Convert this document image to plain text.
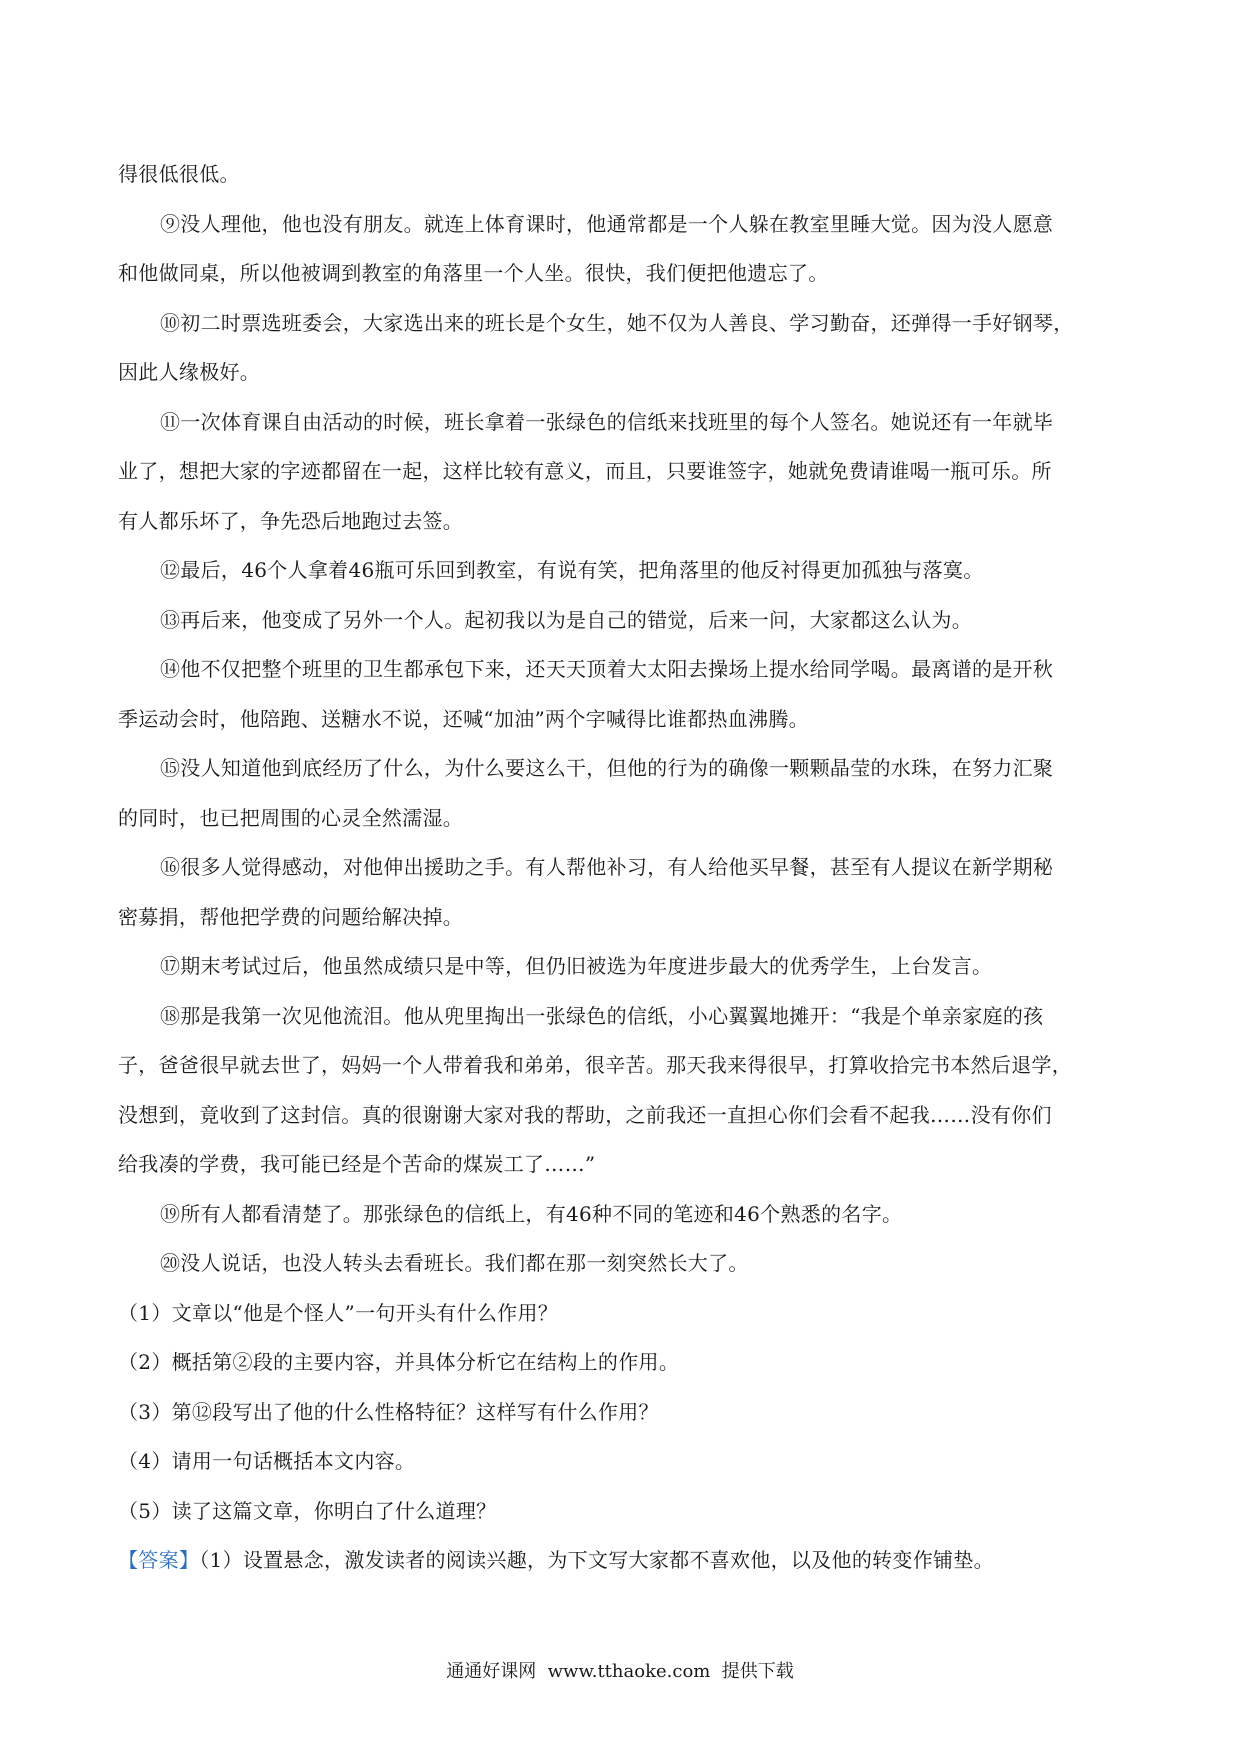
得很低很低。

⑨没人理他，他也没有朋友。就连上体育课时，他通常都是一个人躲在教室里睡大觉。因为没人愿意

和他做同桌，所以他被调到教室的角落里一个人坐。很快，我们便把他遗忘了。

⑩初二时票选班委会，大家选出来的班长是个女生，她不仅为人善良、学习勤奋，还弹得一手好钢琴，

因此人缘极好。

⑪一次体育课自由活动的时候，班长拿着一张绿色的信纸来找班里的每个人签名。她说还有一年就毕

业了，想把大家的字迹都留在一起，这样比较有意义，而且，只要谁签字，她就免费请谁喝一瓶可乐。所

有人都乐坏了，争先恐后地跑过去签。

⑫最后，46个人拿着46瓶可乐回到教室，有说有笑，把角落里的他反衬得更加孤独与落寞。

⑬再后来，他变成了另外一个人。起初我以为是自己的错觉，后来一问，大家都这么认为。

⑭他不仅把整个班里的卫生都承包下来，还天天顶着大太阳去操场上提水给同学喝。最离谱的是开秋

季运动会时，他陪跑、送糖水不说，还喊“加油”两个字喊得比谁都热血沸腾。

⑮没人知道他到底经历了什么，为什么要这么干，但他的行为的确像一颗颗晶莹的水珠，在努力汇聚

的同时，也已把周围的心灵全然濡湿。

⑯很多人觉得感动，对他伸出援助之手。有人帮他补习，有人给他买早餐，甚至有人提议在新学期秘

密募捐，帮他把学费的问题给解决掉。

⑰期末考试过后，他虽然成绩只是中等，但仍旧被选为年度进步最大的优秀学生，上台发言。

⑱那是我第一次见他流泪。他从兜里掏出一张绿色的信纸，小心翼翼地摊开：“我是个单亲家庭的孩

子，爸爸很早就去世了，妈妈一个人带着我和弟弟，很辛苦。那天我来得很早，打算收拾完书本然后退学，

没想到，竟收到了这封信。真的很谢谢大家对我的帮助，之前我还一直担心你们会看不起我……没有你们

给我凑的学费，我可能已经是个苦命的煤炭工了……”

⑲所有人都看清楚了。那张绿色的信纸上，有46种不同的笔迹和46个熟悉的名字。

⑳没人说话，也没人转头去看班长。我们都在那一刻突然长大了。

（1）文章以“他是个怪人”一句开头有什么作用？

（2）概括第②段的主要内容，并具体分析它在结构上的作用。

（3）第⑫段写出了他的什么性格特征？这样写有什么作用？

（4）请用一句话概括本文内容。

（5）读了这篇文章，你明白了什么道理？

【答案】（1）设置悬念，激发读者的阅读兴趣，为下文写大家都不喜欢他，以及他的转变作铺垫。

通通好课网  www.tthaoke.com  提供下载
